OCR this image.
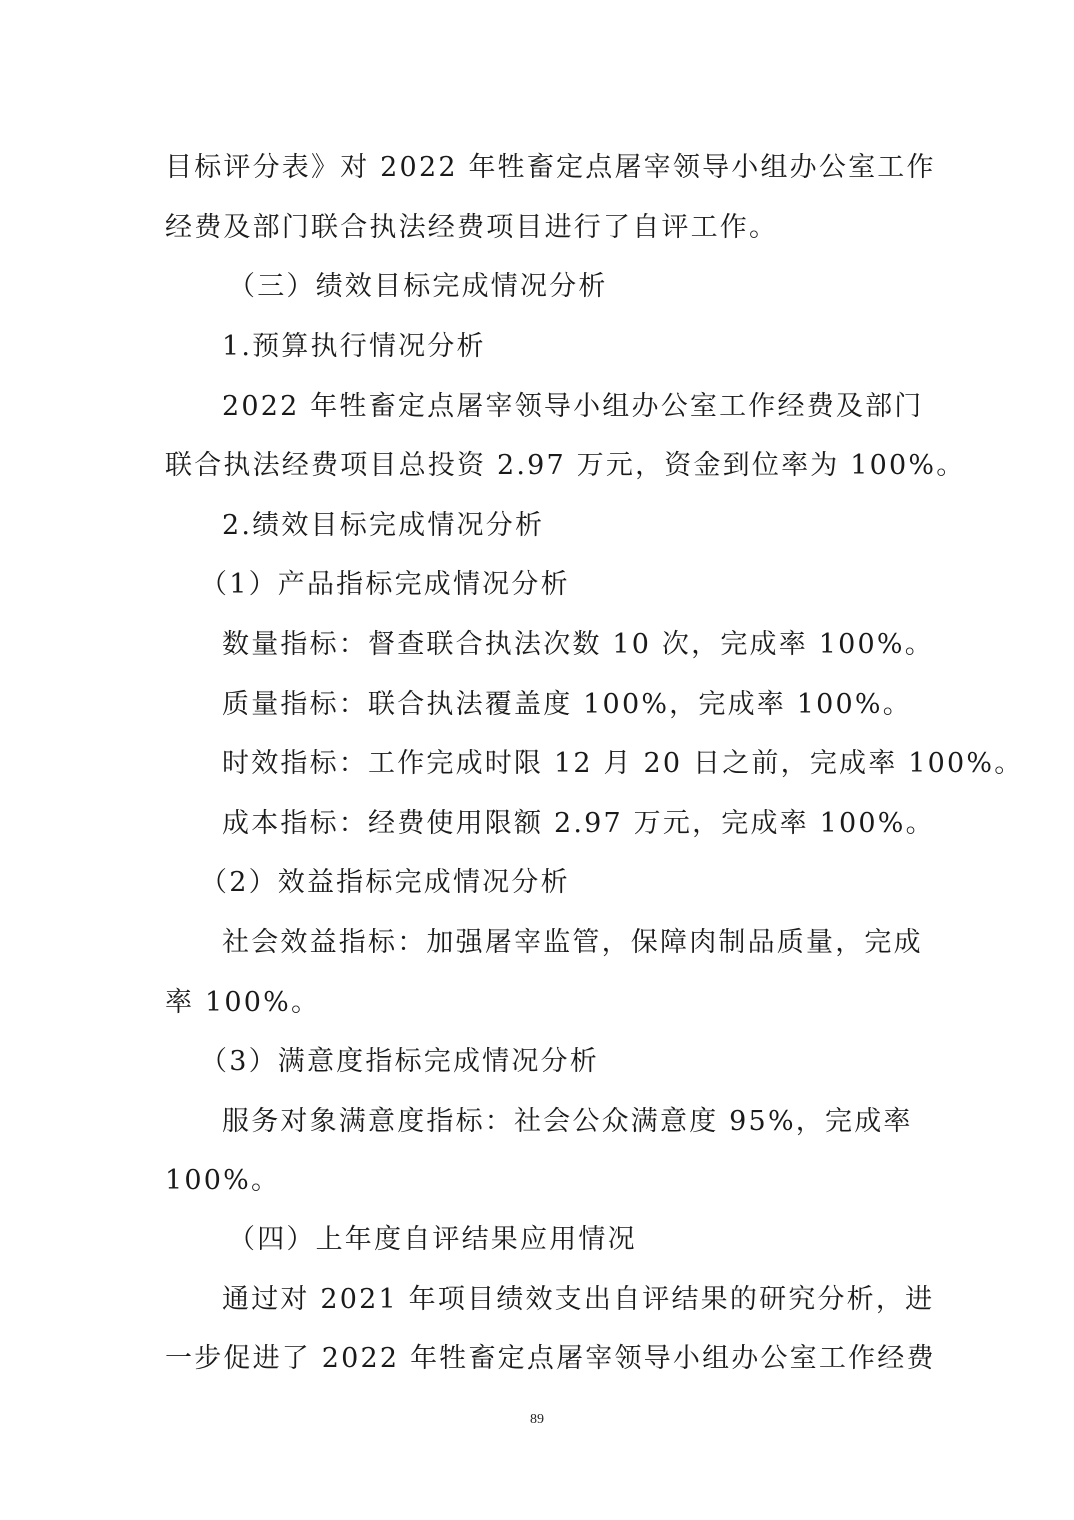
目标评分表》对 2022 年牲畜定点屠宰领导小组办公室工作
经费及部门联合执法经费项目进行了自评工作。
（三）绩效目标完成情况分析
1.预算执行情况分析
2022 年牲畜定点屠宰领导小组办公室工作经费及部门
联合执法经费项目总投资 2.97 万元，资金到位率为 100%。
2.绩效目标完成情况分析
（1）产品指标完成情况分析
数量指标：督查联合执法次数 10 次，完成率 100%。
质量指标：联合执法覆盖度 100%，完成率 100%。
时效指标：工作完成时限 12 月 20 日之前，完成率 100%。
成本指标：经费使用限额 2.97 万元，完成率 100%。
（2）效益指标完成情况分析
社会效益指标：加强屠宰监管，保障肉制品质量，完成
率 100%。
（3）满意度指标完成情况分析
服务对象满意度指标：社会公众满意度 95%，完成率
100%。
（四）上年度自评结果应用情况
通过对 2021 年项目绩效支出自评结果的研究分析，进
一步促进了 2022 年牲畜定点屠宰领导小组办公室工作经费
89
